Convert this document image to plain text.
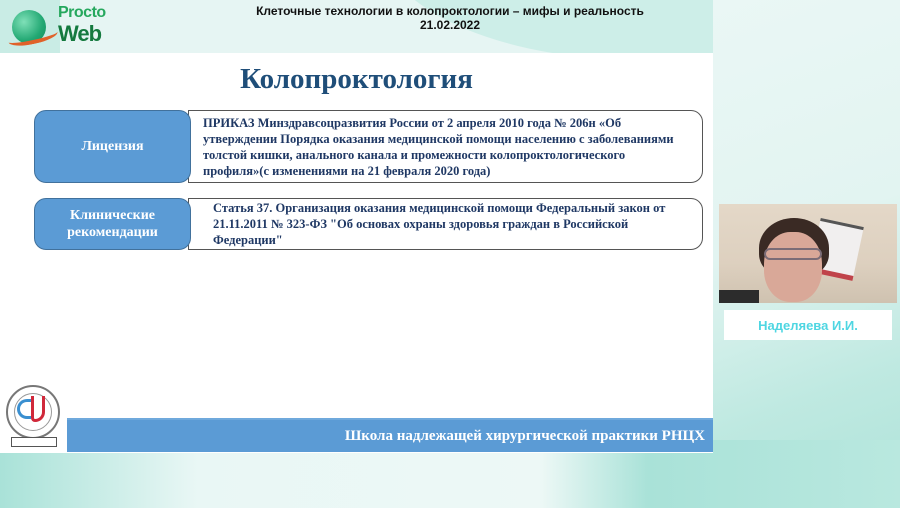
Procto
Web
Клеточные технологии в колопроктологии – мифы и реальность
21.02.2022
Колопроктология
Лицензия
ПРИКАЗ Минздравсоцразвития России от 2 апреля 2010 года № 206н «Об утверждении Порядка оказания медицинской помощи населению с заболеваниями толстой кишки, анального канала и промежности колопроктологического профиля»(с изменениями на 21 февраля 2020 года)
Клинические рекомендации
Статья 37. Организация оказания медицинской помощи Федеральный закон от 21.11.2011 № 323-ФЗ "Об основах охраны здоровья граждан в Российской Федерации"
Школа надлежащей хирургической практики РНЦХ
Наделяева И.И.
